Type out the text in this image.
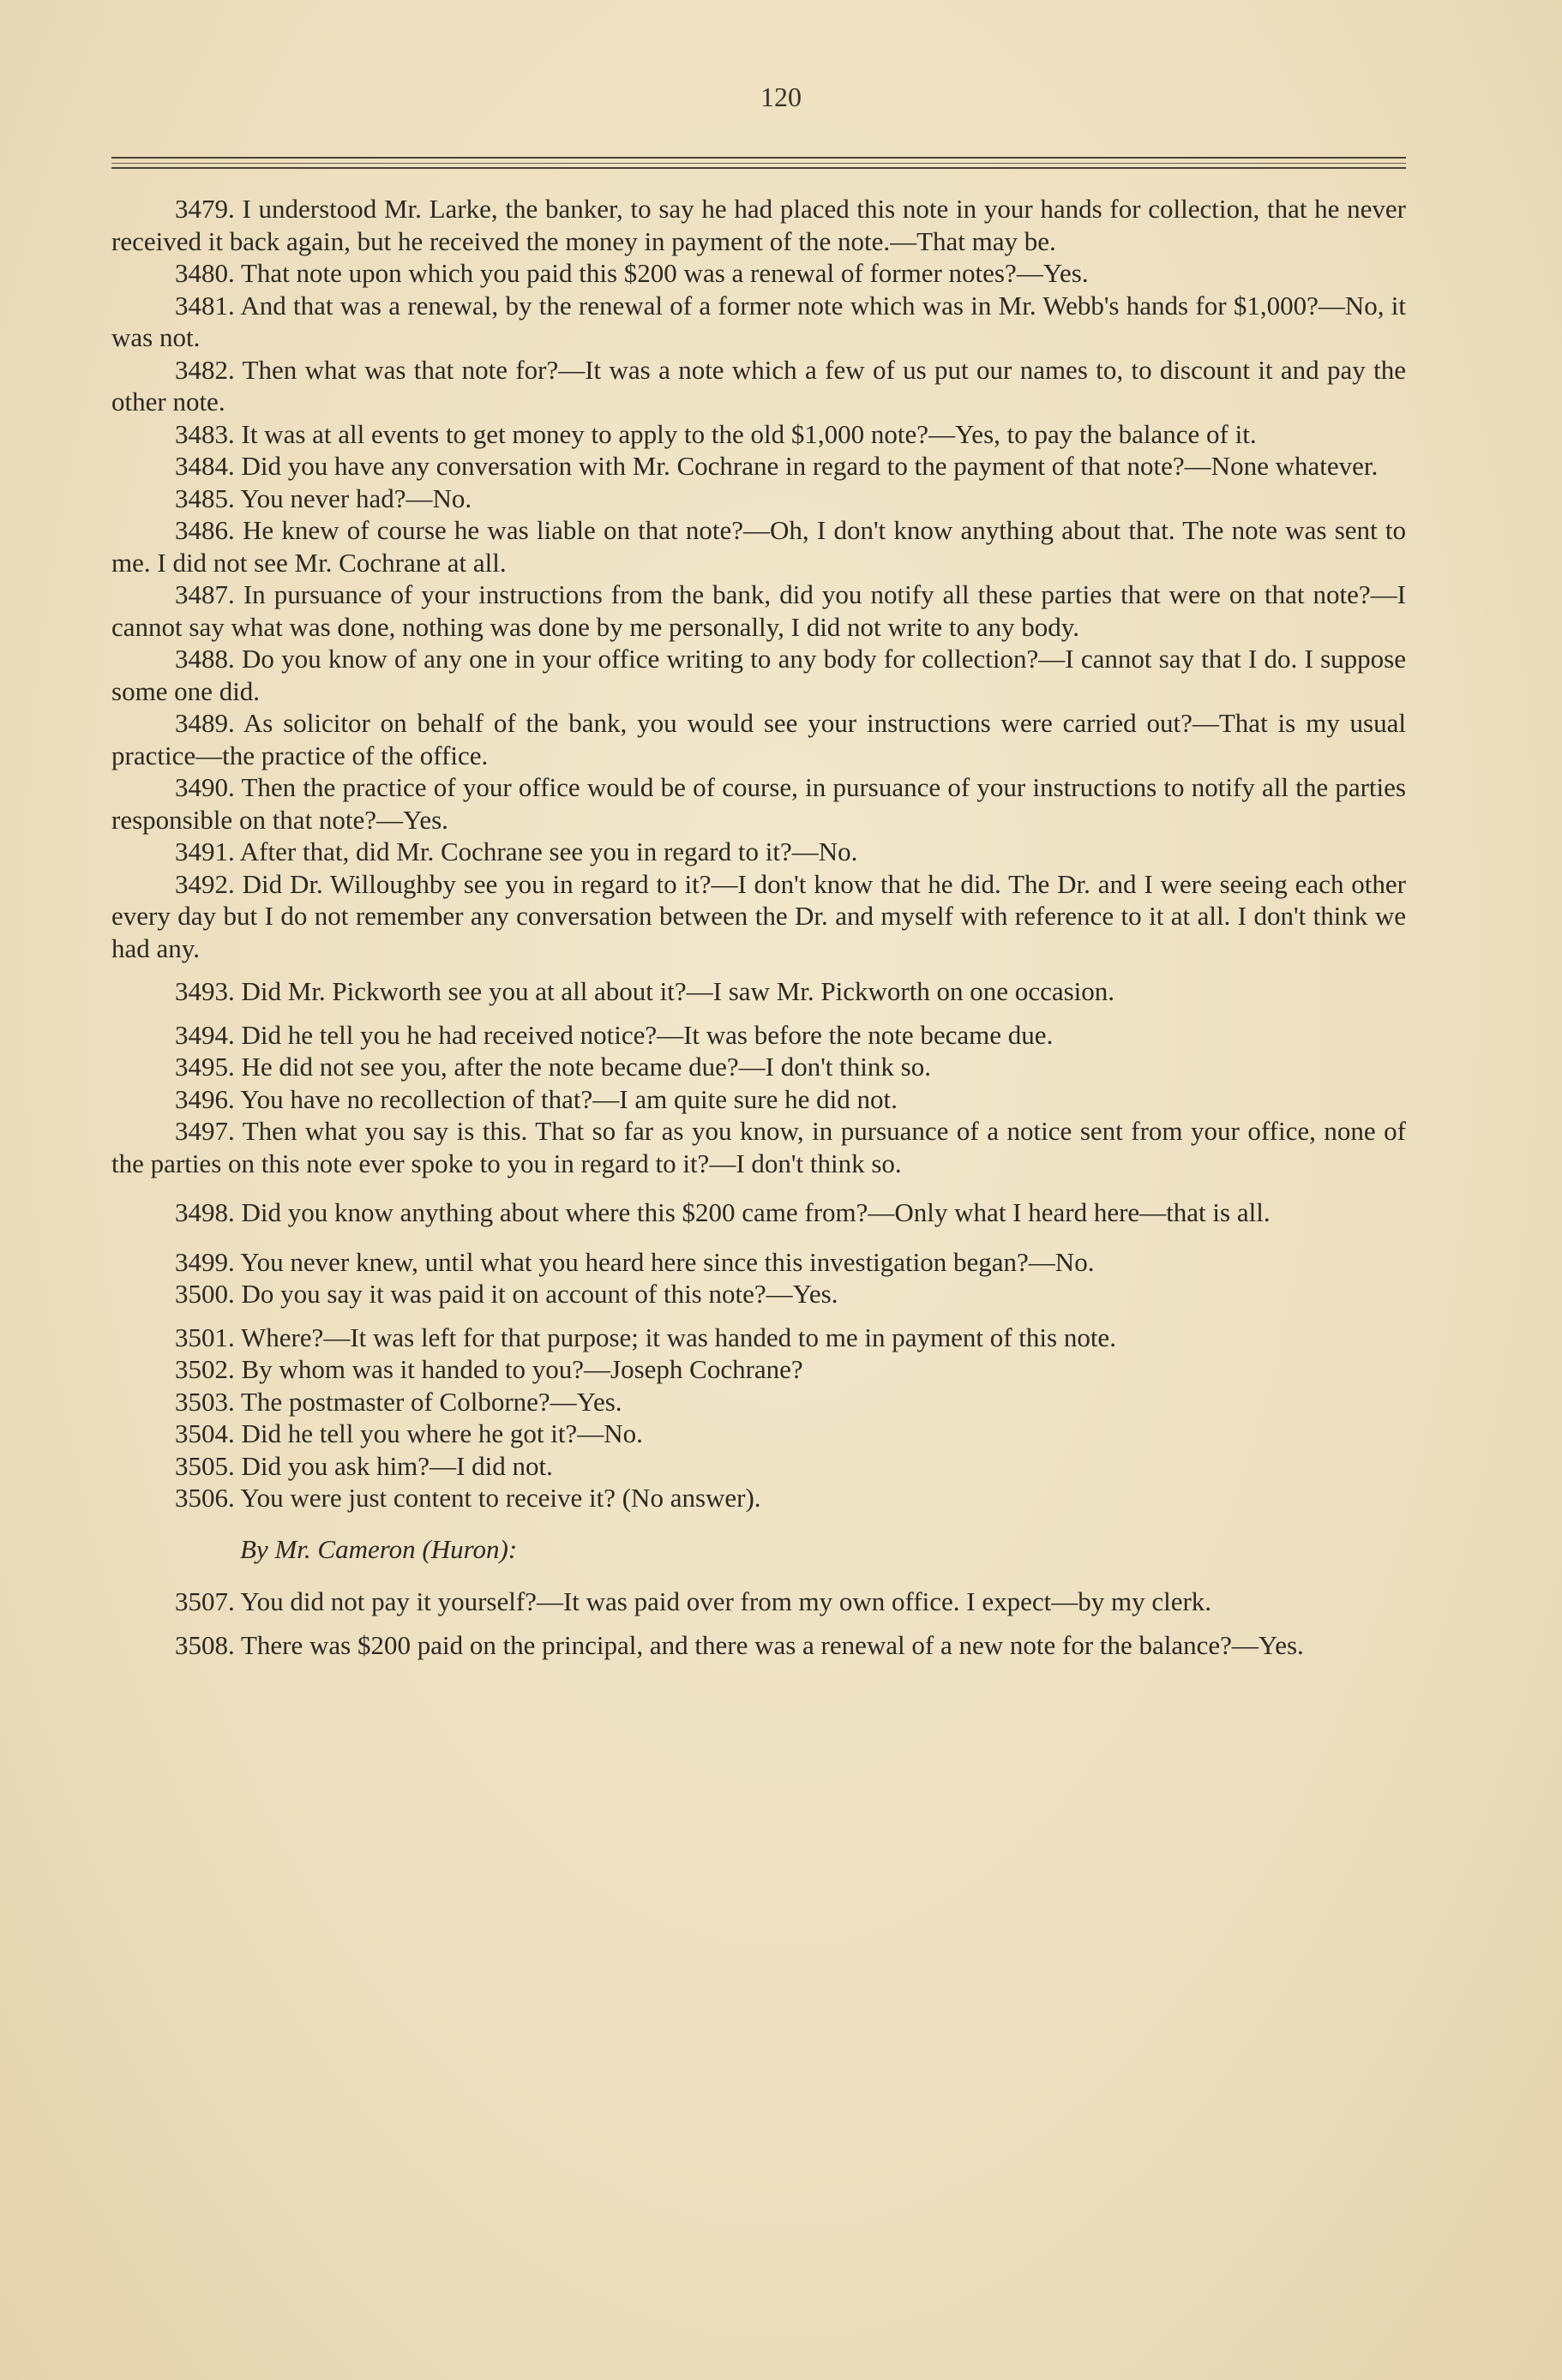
120

3479. I understood Mr. Larke, the banker, to say he had placed this note in your hands for collection, that he never received it back again, but he received the money in payment of the note.—That may be.

3480. That note upon which you paid this $200 was a renewal of former notes?—Yes.

3481. And that was a renewal, by the renewal of a former note which was in Mr. Webb's hands for $1,000?—No, it was not.

3482. Then what was that note for?—It was a note which a few of us put our names to, to discount it and pay the other note.

3483. It was at all events to get money to apply to the old $1,000 note?—Yes, to pay the balance of it.

3484. Did you have any conversation with Mr. Cochrane in regard to the payment of that note?—None whatever.

3485. You never had?—No.

3486. He knew of course he was liable on that note?—Oh, I don't know anything about that. The note was sent to me. I did not see Mr. Cochrane at all.

3487. In pursuance of your instructions from the bank, did you notify all these parties that were on that note?—I cannot say what was done, nothing was done by me personally, I did not write to any body.

3488. Do you know of any one in your office writing to any body for collection?—I cannot say that I do. I suppose some one did.

3489. As solicitor on behalf of the bank, you would see your instructions were carried out?—That is my usual practice—the practice of the office.

3490. Then the practice of your office would be of course, in pursuance of your instructions to notify all the parties responsible on that note?—Yes.

3491. After that, did Mr. Cochrane see you in regard to it?—No.

3492. Did Dr. Willoughby see you in regard to it?—I don't know that he did. The Dr. and I were seeing each other every day but I do not remember any conversation between the Dr. and myself with reference to it at all. I don't think we had any.

3493. Did Mr. Pickworth see you at all about it?—I saw Mr. Pickworth on one occasion.

3494. Did he tell you he had received notice?—It was before the note became due.

3495. He did not see you, after the note became due?—I don't think so.

3496. You have no recollection of that?—I am quite sure he did not.

3497. Then what you say is this. That so far as you know, in pursuance of a notice sent from your office, none of the parties on this note ever spoke to you in regard to it?—I don't think so.

3498. Did you know anything about where this $200 came from?—Only what I heard here—that is all.

3499. You never knew, until what you heard here since this investigation began?—No.

3500. Do you say it was paid it on account of this note?—Yes.

3501. Where?—It was left for that purpose; it was handed to me in payment of this note.

3502. By whom was it handed to you?—Joseph Cochrane?

3503. The postmaster of Colborne?—Yes.

3504. Did he tell you where he got it?—No.

3505. Did you ask him?—I did not.

3506. You were just content to receive it? (No answer).

By Mr. Cameron (Huron):

3507. You did not pay it yourself?—It was paid over from my own office. I expect—by my clerk.

3508. There was $200 paid on the principal, and there was a renewal of a new note for the balance?—Yes.
